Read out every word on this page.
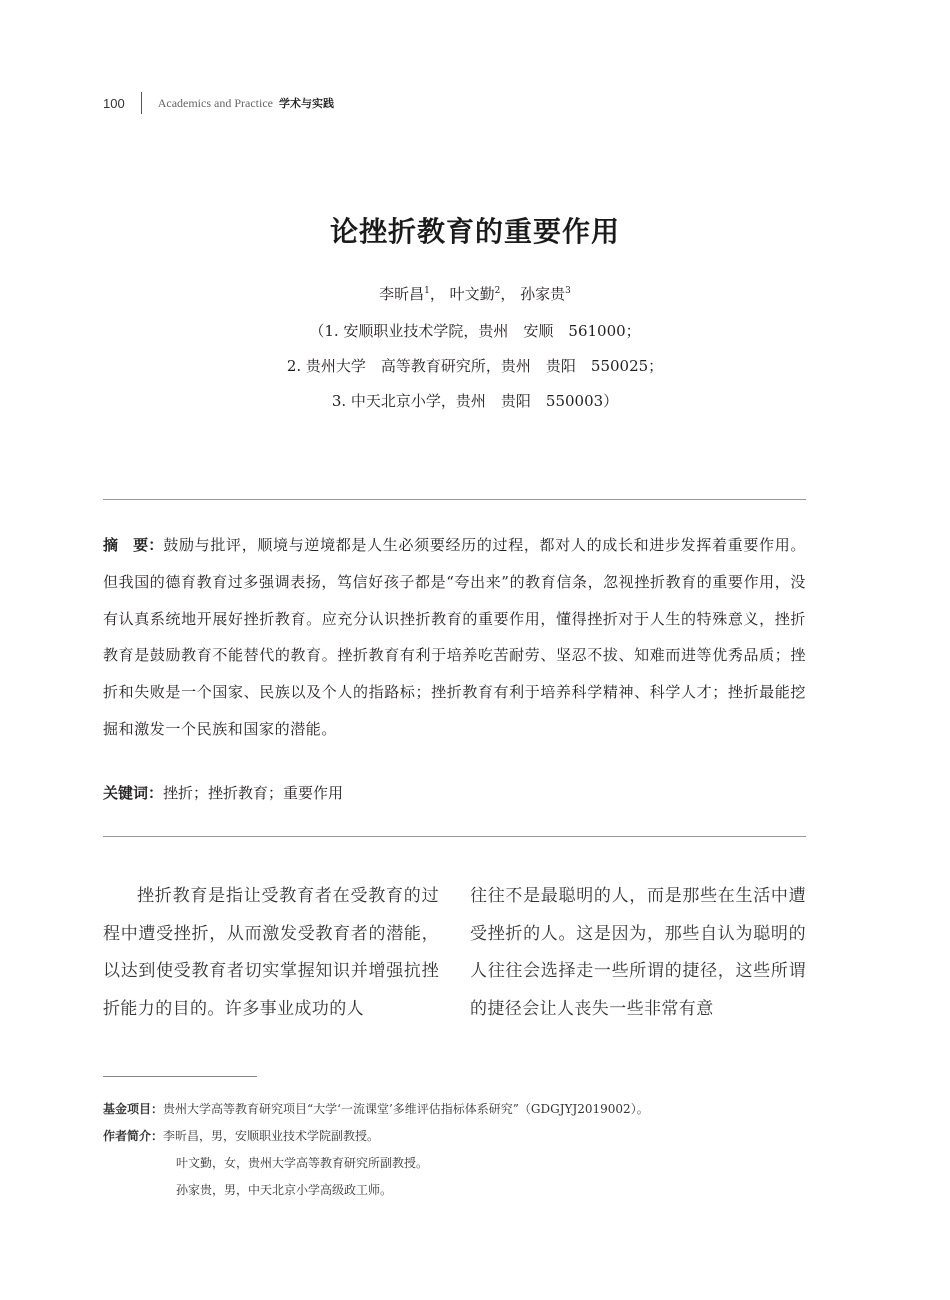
100	Academics and Practice 学术与实践
论挫折教育的重要作用
李昕昌$^1$， 叶文勤$^2$， 孙家贵$^3$
（1. 安顺职业技术学院，贵州　安顺　561000；
2. 贵州大学　高等教育研究所，贵州　贵阳　550025；
3. 中天北京小学，贵州　贵阳　550003）
摘　要：鼓励与批评，顺境与逆境都是人生必须要经历的过程，都对人的成长和进步发挥着重要作用。但我国的德育教育过多强调表扬，笃信好孩子都是“夸出来”的教育信条，忽视挫折教育的重要作用，没有认真系统地开展好挫折教育。应充分认识挫折教育的重要作用，懂得挫折对于人生的特殊意义，挫折教育是鼓励教育不能替代的教育。挫折教育有利于培养吃苦耐劳、坚忍不拔、知难而进等优秀品质；挫折和失败是一个国家、民族以及个人的指路标；挫折教育有利于培养科学精神、科学人才；挫折最能挖掘和激发一个民族和国家的潜能。
关键词：挫折；挫折教育；重要作用
挫折教育是指让受教育者在受教育的过程中遭受挫折，从而激发受教育者的潜能，以达到使受教育者切实掌握知识并增强抗挫折能力的目的。许多事业成功的人
往往不是最聪明的人，而是那些在生活中遭受挫折的人。这是因为，那些自认为聪明的人往往会选择走一些所谓的捷径，这些所谓的捷径会让人丧失一些非常有意
基金项目：贵州大学高等教育研究项目“大学‘一流课堂’多维评估指标体系研究”（GDGJYJ2019002）。
作者简介：李昕昌，男，安顺职业技术学院副教授。
叶文勤，女，贵州大学高等教育研究所副教授。
孙家贵，男，中天北京小学高级政工师。
